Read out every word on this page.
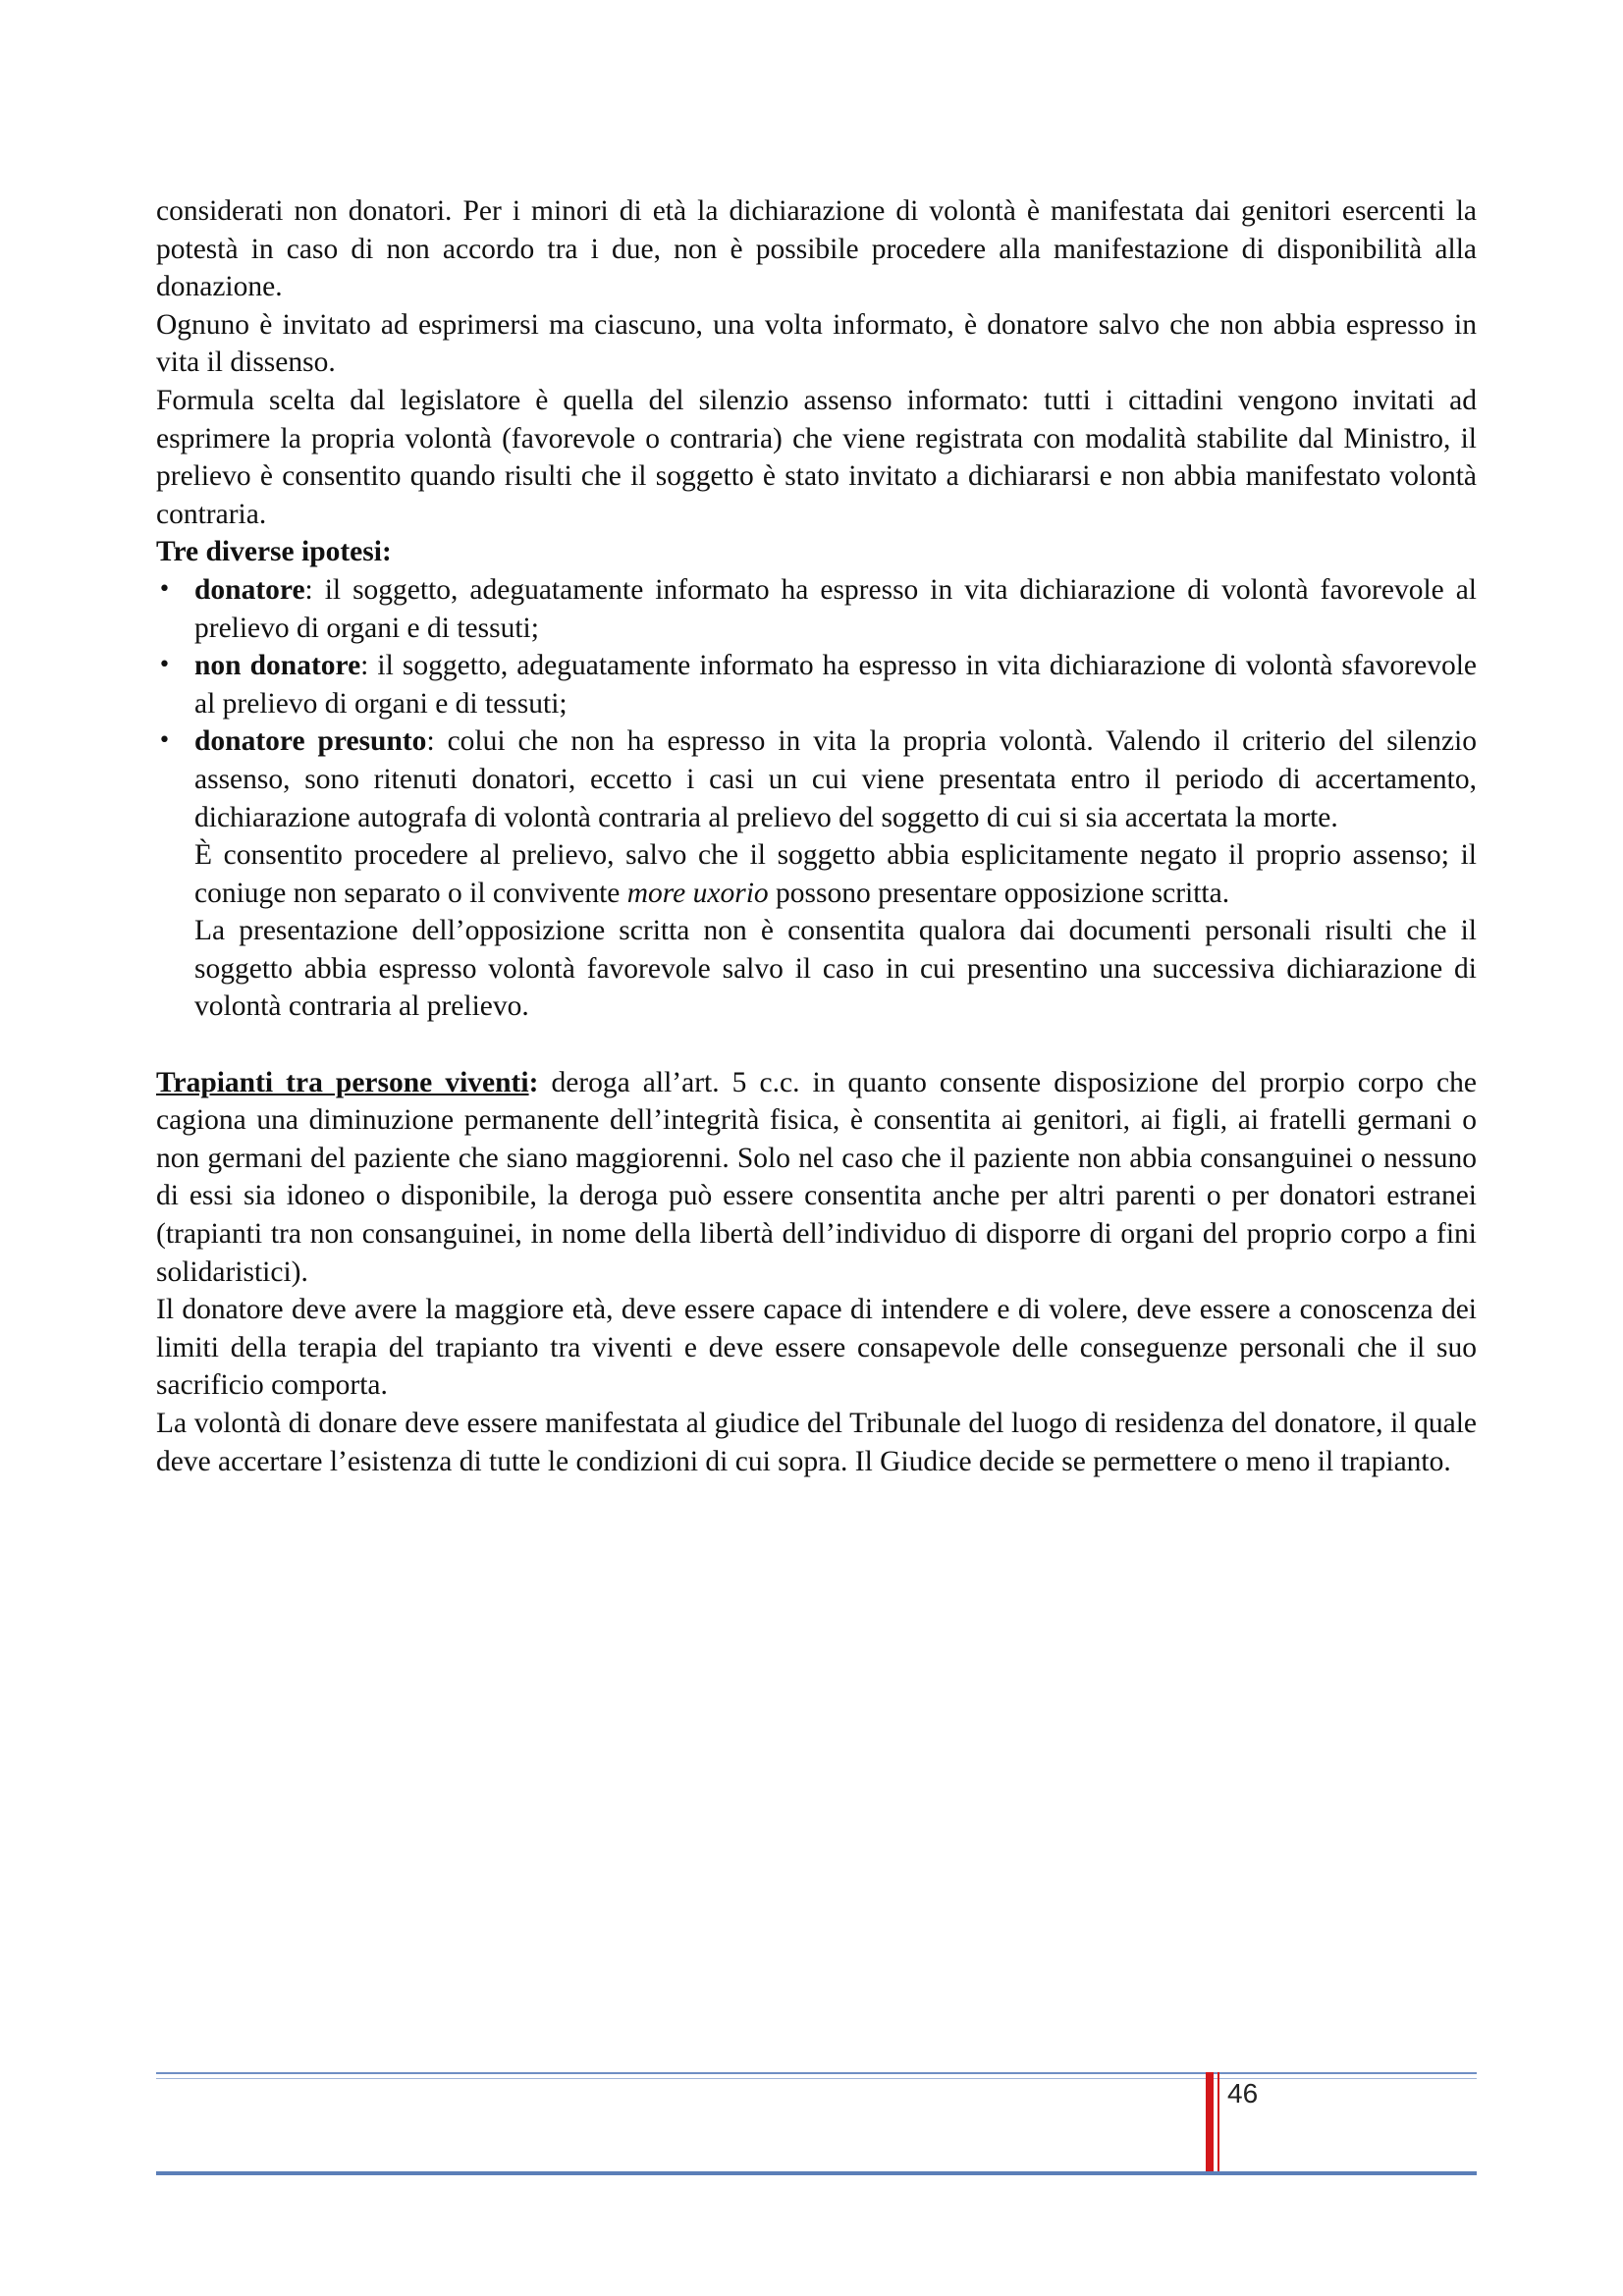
considerati non donatori. Per i minori di età la dichiarazione di volontà è manifestata dai genitori esercenti la potestà in caso di non accordo tra i due, non è possibile procedere alla manifestazione di disponibilità alla donazione.

Ognuno è invitato ad esprimersi ma ciascuno, una volta informato, è donatore salvo che non abbia espresso in vita il dissenso.

Formula scelta dal legislatore è quella del silenzio assenso informato: tutti i cittadini vengono invitati ad esprimere la propria volontà (favorevole o contraria) che viene registrata con modalità stabilite dal Ministro, il prelievo è consentito quando risulti che il soggetto è stato invitato a dichiararsi e non abbia manifestato volontà contraria.

Tre diverse ipotesi:

• donatore: il soggetto, adeguatamente informato ha espresso in vita dichiarazione di volontà favorevole al prelievo di organi e di tessuti;
• non donatore: il soggetto, adeguatamente informato ha espresso in vita dichiarazione di volontà sfavorevole al prelievo di organi e di tessuti;
• donatore presunto: colui che non ha espresso in vita la propria volontà. Valendo il criterio del silenzio assenso, sono ritenuti donatori, eccetto i casi un cui viene presentata entro il periodo di accertamento, dichiarazione autografa di volontà contraria al prelievo del soggetto di cui si sia accertata la morte.

È consentito procedere al prelievo, salvo che il soggetto abbia esplicitamente negato il proprio assenso; il coniuge non separato o il convivente more uxorio possono presentare opposizione scritta.

La presentazione dell’opposizione scritta non è consentita qualora dai documenti personali risulti che il soggetto abbia espresso volontà favorevole salvo il caso in cui presentino una successiva dichiarazione di volontà contraria al prelievo.

Trapianti tra persone viventi: deroga all’art. 5 c.c. in quanto consente disposizione del prorpio corpo che cagiona una diminuzione permanente dell’integrità fisica, è consentita ai genitori, ai figli, ai fratelli germani o non germani del paziente che siano maggiorenni. Solo nel caso che il paziente non abbia consanguinei o nessuno di essi sia idoneo o disponibile, la deroga può essere consentita anche per altri parenti o per donatori estranei (trapianti tra non consanguinei, in nome della libertà dell’individuo di disporre di organi del proprio corpo a fini solidaristici).

Il donatore deve avere la maggiore età, deve essere capace di intendere e di volere, deve essere a conoscenza dei limiti della terapia del trapianto tra viventi e deve essere consapevole delle conseguenze personali che il suo sacrificio comporta.

La volontà di donare deve essere manifestata al giudice del Tribunale del luogo di residenza del donatore, il quale deve accertare l’esistenza di tutte le condizioni di cui sopra. Il Giudice decide se permettere o meno il trapianto.

46
